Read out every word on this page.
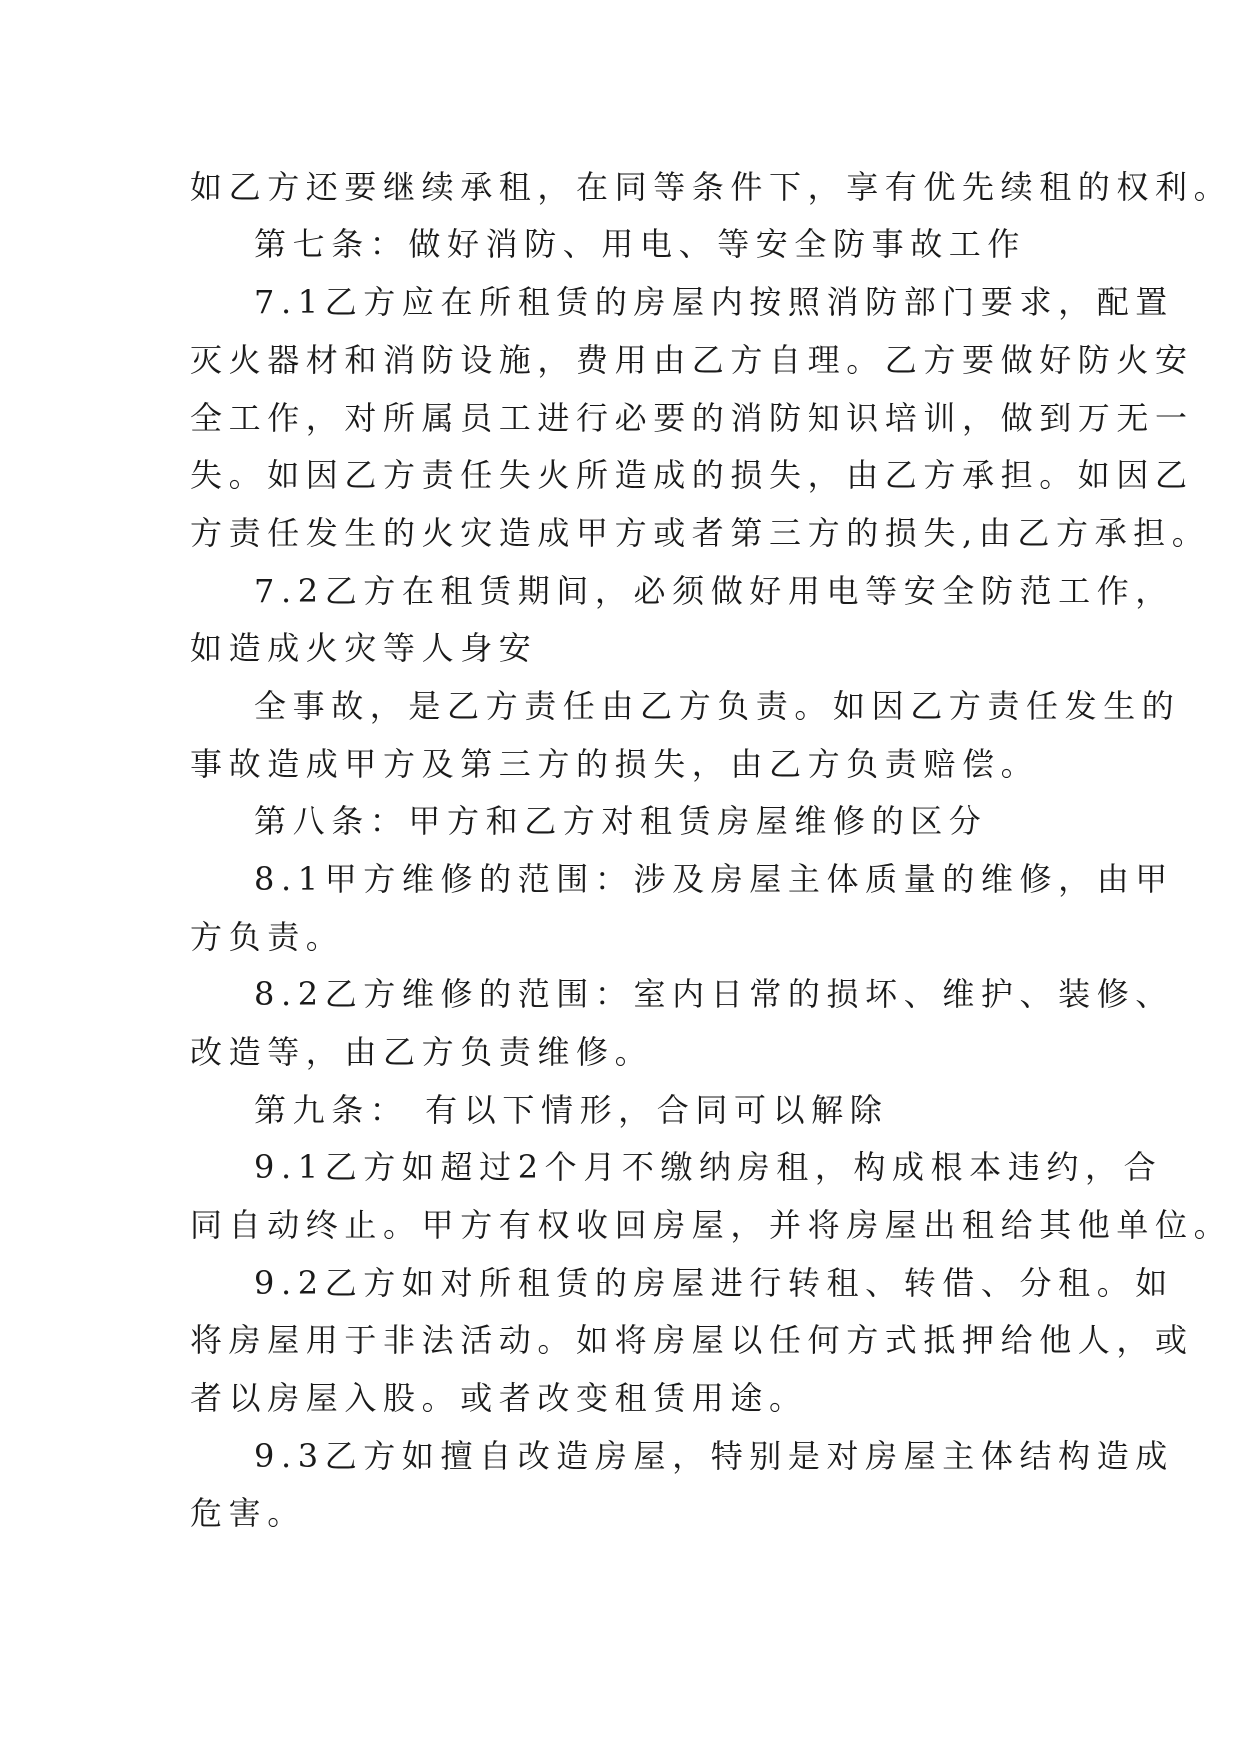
如乙方还要继续承租，在同等条件下，享有优先续租的权利。
第七条：做好消防、用电、等安全防事故工作
7.1乙方应在所租赁的房屋内按照消防部门要求，配置
灭火器材和消防设施，费用由乙方自理。乙方要做好防火安
全工作，对所属员工进行必要的消防知识培训，做到万无一
失。如因乙方责任失火所造成的损失，由乙方承担。如因乙
方责任发生的火灾造成甲方或者第三方的损失,由乙方承担。
7.2乙方在租赁期间，必须做好用电等安全防范工作，
如造成火灾等人身安
全事故，是乙方责任由乙方负责。如因乙方责任发生的
事故造成甲方及第三方的损失，由乙方负责赔偿。
第八条：甲方和乙方对租赁房屋维修的区分
8.1甲方维修的范围：涉及房屋主体质量的维修，由甲
方负责。
8.2乙方维修的范围：室内日常的损坏、维护、装修、
改造等，由乙方负责维修。
第九条： 有以下情形，合同可以解除
9.1乙方如超过2个月不缴纳房租，构成根本违约，合
同自动终止。甲方有权收回房屋，并将房屋出租给其他单位。
9.2乙方如对所租赁的房屋进行转租、转借、分租。如
将房屋用于非法活动。如将房屋以任何方式抵押给他人，或
者以房屋入股。或者改变租赁用途。
9.3乙方如擅自改造房屋，特别是对房屋主体结构造成
危害。
